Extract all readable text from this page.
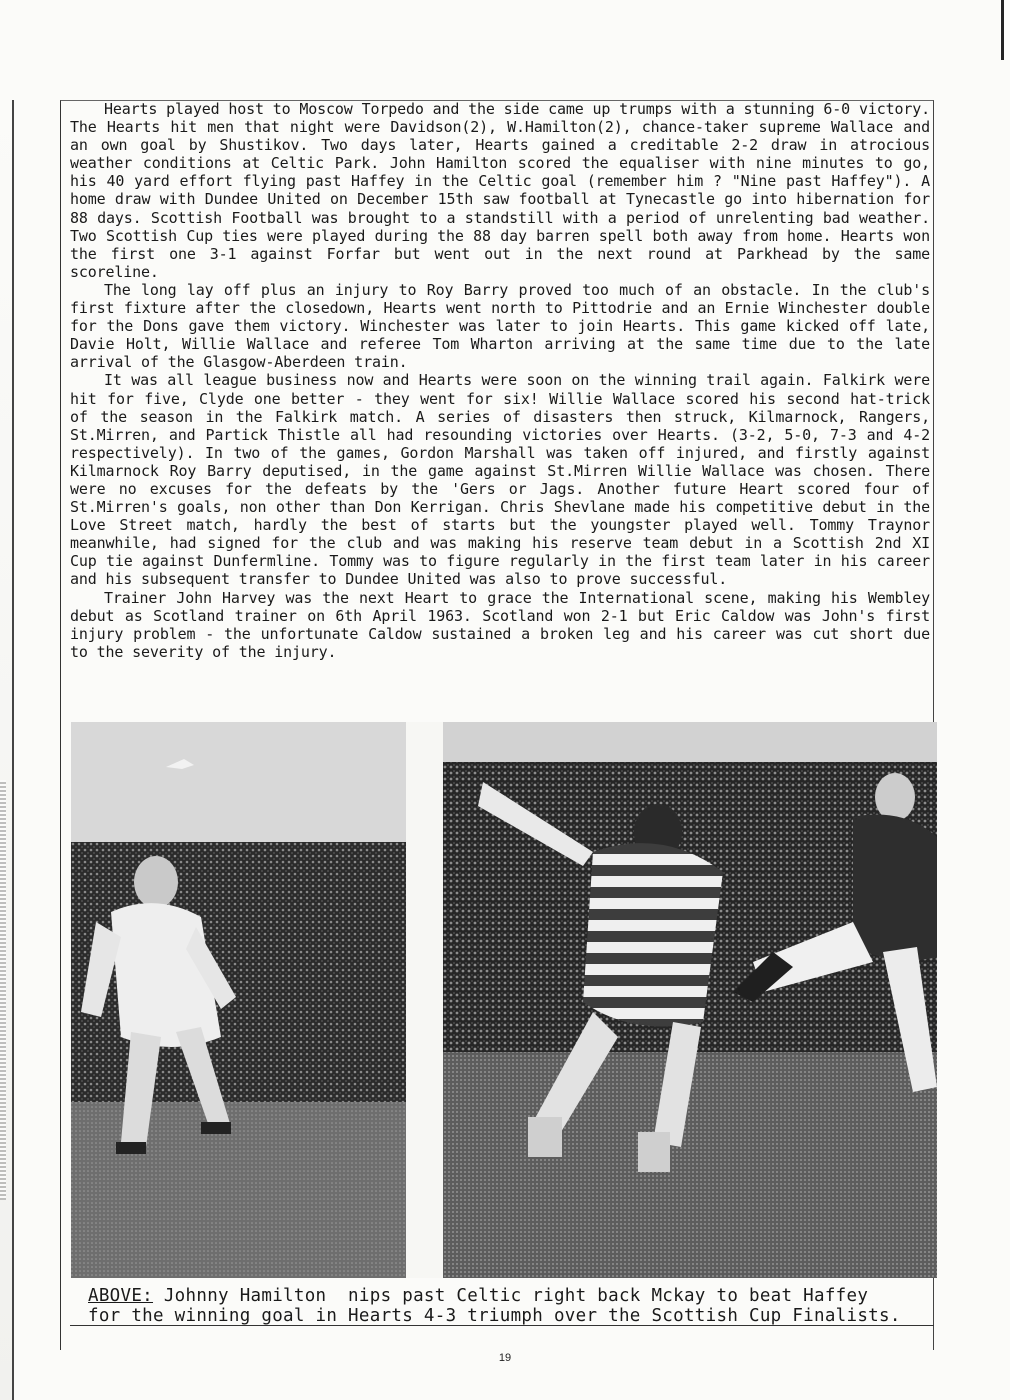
Hearts played host to Moscow Torpedo and the side came up trumps with a stunning 6-0 victory. The Hearts hit men that night were Davidson(2), W.Hamilton(2), chance-taker supreme Wallace and an own goal by Shustikov. Two days later, Hearts gained a creditable 2-2 draw in atrocious weather conditions at Celtic Park. John Hamilton scored the equaliser with nine minutes to go, his 40 yard effort flying past Haffey in the Celtic goal (remember him ? "Nine past Haffey"). A home draw with Dundee United on December 15th saw football at Tynecastle go into hibernation for 88 days. Scottish Football was brought to a standstill with a period of unrelenting bad weather. Two Scottish Cup ties were played during the 88 day barren spell both away from home. Hearts won the first one 3-1 against Forfar but went out in the next round at Parkhead by the same scoreline.

The long lay off plus an injury to Roy Barry proved too much of an obstacle. In the club's first fixture after the closedown, Hearts went north to Pittodrie and an Ernie Winchester double for the Dons gave them victory. Winchester was later to join Hearts. This game kicked off late, Davie Holt, Willie Wallace and referee Tom Wharton arriving at the same time due to the late arrival of the Glasgow-Aberdeen train.

It was all league business now and Hearts were soon on the winning trail again. Falkirk were hit for five, Clyde one better - they went for six! Willie Wallace scored his second hat-trick of the season in the Falkirk match. A series of disasters then struck, Kilmarnock, Rangers, St.Mirren, and Partick Thistle all had resounding victories over Hearts. (3-2, 5-0, 7-3 and 4-2 respectively). In two of the games, Gordon Marshall was taken off injured, and firstly against Kilmarnock Roy Barry deputised, in the game against St.Mirren Willie Wallace was chosen. There were no excuses for the defeats by the 'Gers or Jags. Another future Heart scored four of St.Mirren's goals, non other than Don Kerrigan. Chris Shevlane made his competitive debut in the Love Street match, hardly the best of starts but the youngster played well. Tommy Traynor meanwhile, had signed for the club and was making his reserve team debut in a Scottish 2nd XI Cup tie against Dunfermline. Tommy was to figure regularly in the first team later in his career and his subsequent transfer to Dundee United was also to prove successful.

Trainer John Harvey was the next Heart to grace the International scene, making his Wembley debut as Scotland trainer on 6th April 1963. Scotland won 2-1 but Eric Caldow was John's first injury problem - the unfortunate Caldow sustained a broken leg and his career was cut short due to the severity of the injury.

ABOVE: Johnny Hamilton  nips past Celtic right back Mckay to beat Haffey
for the winning goal in Hearts 4-3 triumph over the Scottish Cup Finalists.
19
